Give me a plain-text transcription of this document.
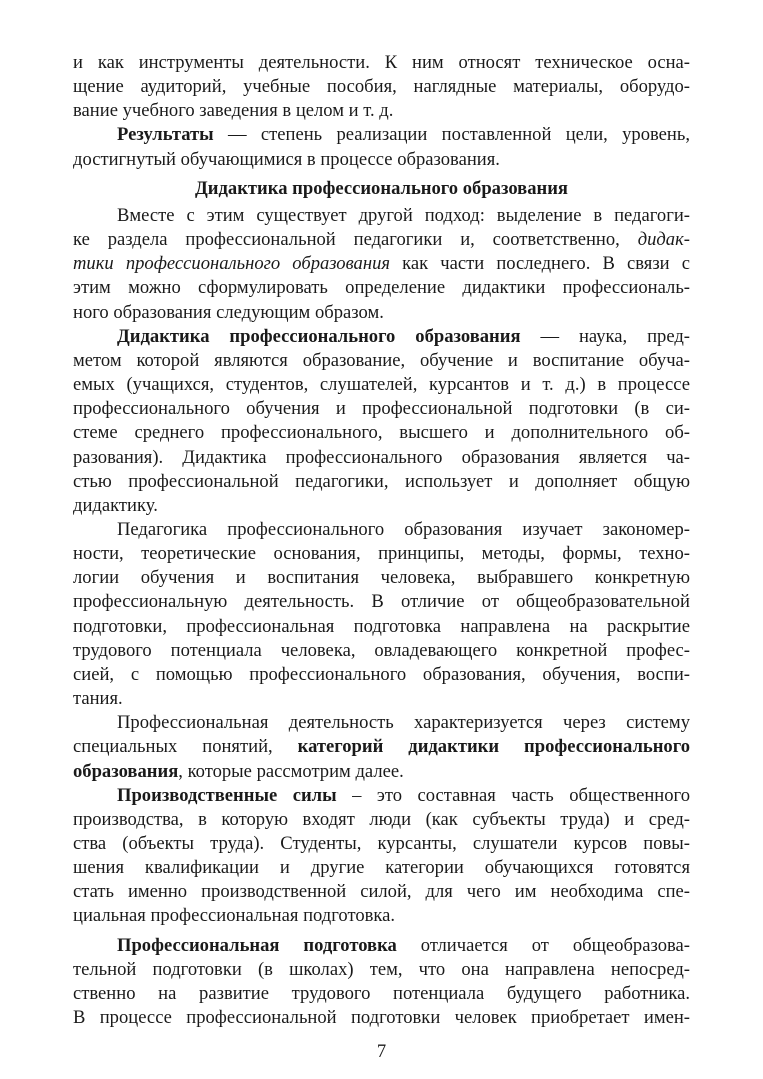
и как инструменты деятельности. К ним относят техническое осна-
щение аудиторий, учебные пособия, наглядные материалы, оборудо-
вание учебного заведения в целом и т. д.
Результаты — степень реализации поставленной цели, уровень,
достигнутый обучающимися в процессе образования.
Дидактика профессионального образования
Вместе с этим существует другой подход: выделение в педагоги-
ке раздела профессиональной педагогики и, соответственно, дидак-
тики профессионального образования как части последнего. В связи с
этим можно сформулировать определение дидактики профессиональ-
ного образования следующим образом.
Дидактика профессионального образования — наука, пред-
метом которой являются образование, обучение и воспитание обуча-
емых (учащихся, студентов, слушателей, курсантов и т. д.) в процессе
профессионального обучения и профессиональной подготовки (в си-
стеме среднего профессионального, высшего и дополнительного об-
разования). Дидактика профессионального образования является ча-
стью профессиональной педагогики, использует и дополняет общую
дидактику.
Педагогика профессионального образования изучает закономер-
ности, теоретические основания, принципы, методы, формы, техно-
логии обучения и воспитания человека, выбравшего конкретную
профессиональную деятельность. В отличие от общеобразовательной
подготовки, профессиональная подготовка направлена на раскрытие
трудового потенциала человека, овладевающего конкретной профес-
сией, с помощью профессионального образования, обучения, воспи-
тания.
Профессиональная деятельность характеризуется через систему
специальных понятий, категорий дидактики профессионального
образования, которые рассмотрим далее.
Производственные силы – это составная часть общественного
производства, в которую входят люди (как субъекты труда) и сред-
ства (объекты труда). Студенты, курсанты, слушатели курсов повы-
шения квалификации и другие категории обучающихся готовятся
стать именно производственной силой, для чего им необходима спе-
циальная профессиональная подготовка.
Профессиональная подготовка отличается от общеобразова-
тельной подготовки (в школах) тем, что она направлена непосред-
ственно на развитие трудового потенциала будущего работника.
В процессе профессиональной подготовки человек приобретает имен-
7
